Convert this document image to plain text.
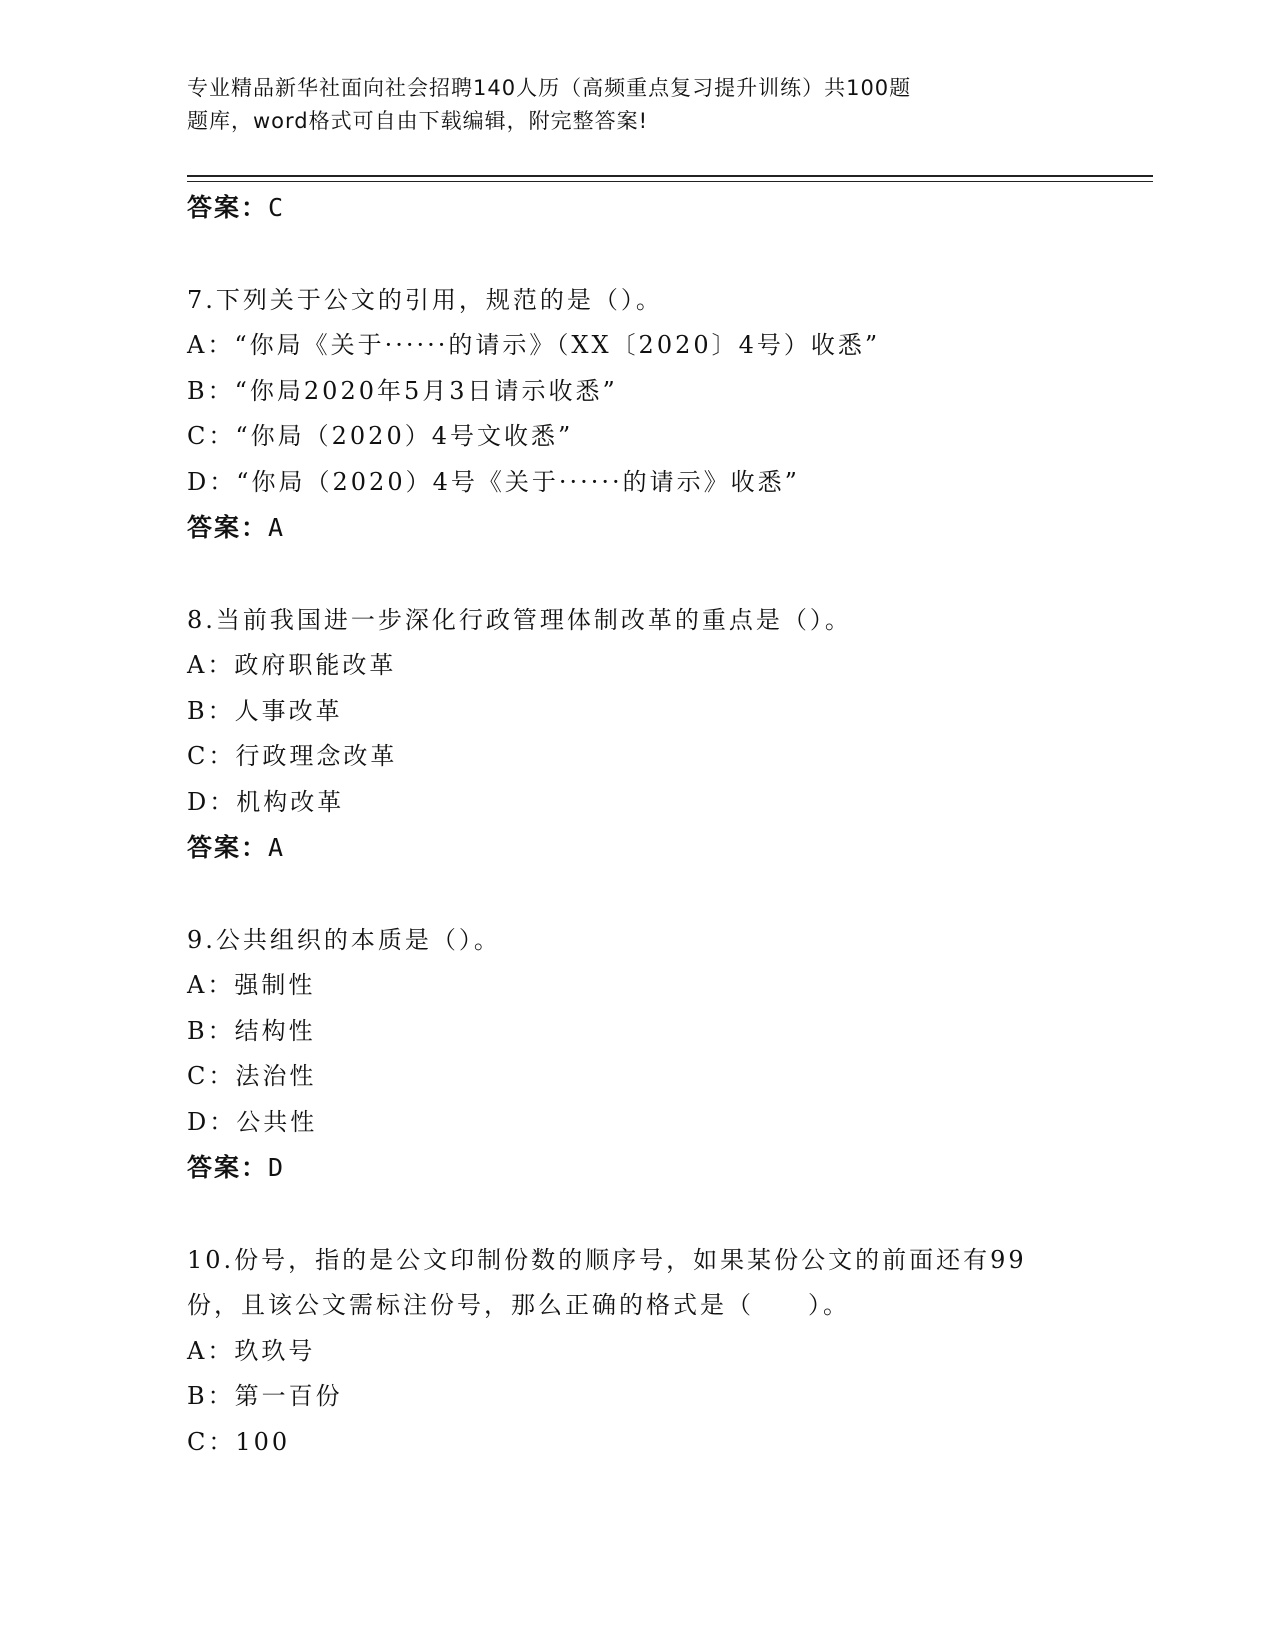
专业精品新华社面向社会招聘140人历（高频重点复习提升训练）共100题
题库，word格式可自由下载编辑，附完整答案!
答案：C
7.下列关于公文的引用，规范的是（）。
A：“你局《关于······的请示》（XX〔2020〕4号）收悉”
B：“你局2020年5月3日请示收悉”
C：“你局（2020）4号文收悉”
D：“你局（2020）4号《关于······的请示》收悉”
答案：A
8.当前我国进一步深化行政管理体制改革的重点是（）。
A：政府职能改革
B：人事改革
C：行政理念改革
D：机构改革
答案：A
9.公共组织的本质是（）。
A：强制性
B：结构性
C：法治性
D：公共性
答案：D
10.份号，指的是公文印制份数的顺序号，如果某份公文的前面还有99
份，且该公文需标注份号，那么正确的格式是（　　）。
A：玖玖号
B：第一百份
C：100
